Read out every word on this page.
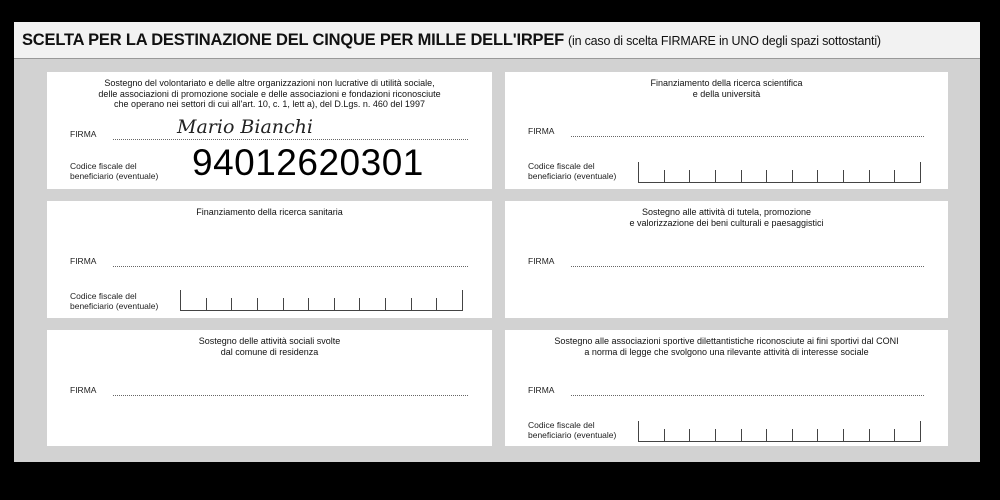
SCELTA PER LA DESTINAZIONE DEL CINQUE PER MILLE DELL'IRPEF (in caso di scelta FIRMARE in UNO degli spazi sottostanti)
Sostegno del volontariato e delle altre organizzazioni non lucrative di utilità sociale,
delle associazioni di promozione sociale e delle associazioni e fondazioni riconosciute
che operano nei settori di cui all'art. 10, c. 1, lett a), del D.Lgs. n. 460 del 1997
FIRMA	Mario Bianchi
Codice fiscale del beneficiario (eventuale) 94012620301
Finanziamento della ricerca scientifica
e della università
FIRMA
Codice fiscale del beneficiario (eventuale)
Finanziamento della ricerca sanitaria
FIRMA
Codice fiscale del beneficiario (eventuale)
Sostegno alle attività di tutela, promozione
e valorizzazione dei beni culturali e paesaggistici
FIRMA
Sostegno delle attività sociali svolte
dal comune di residenza
FIRMA
Sostegno alle associazioni sportive dilettantistiche riconosciute ai fini sportivi dal CONI
a norma di legge che svolgono una rilevante attività di interesse sociale
FIRMA
Codice fiscale del beneficiario (eventuale)
